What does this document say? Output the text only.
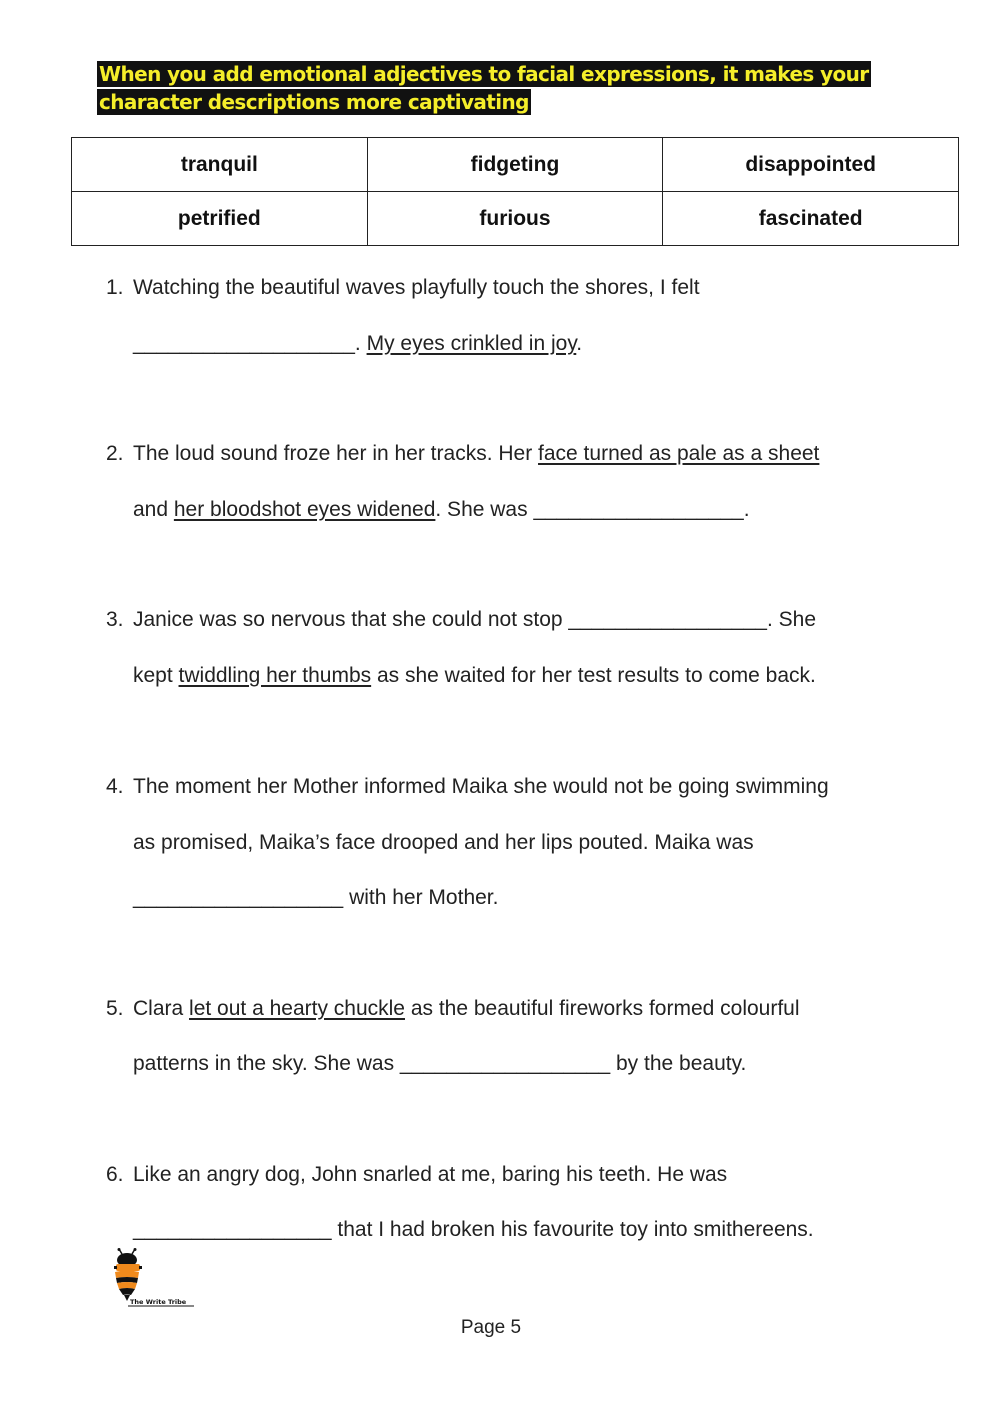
When you add emotional adjectives to facial expressions, it makes your character descriptions more captivating
tranquil	fidgeting	disappointed
petrified	furious	fascinated
1. Watching the beautiful waves playfully touch the shores, I felt
___________________. My eyes crinkled in joy.
2. The loud sound froze her in her tracks. Her face turned as pale as a sheet
and her bloodshot eyes widened. She was __________________.
3. Janice was so nervous that she could not stop _________________. She
kept twiddling her thumbs as she waited for her test results to come back.
4. The moment her Mother informed Maika she would not be going swimming
as promised, Maika’s face drooped and her lips pouted. Maika was
__________________ with her Mother.
5. Clara let out a hearty chuckle as the beautiful fireworks formed colourful
patterns in the sky. She was __________________ by the beauty.
6. Like an angry dog, John snarled at me, baring his teeth. He was
_________________ that I had broken his favourite toy into smithereens.
The Write Tribe
Page 5
